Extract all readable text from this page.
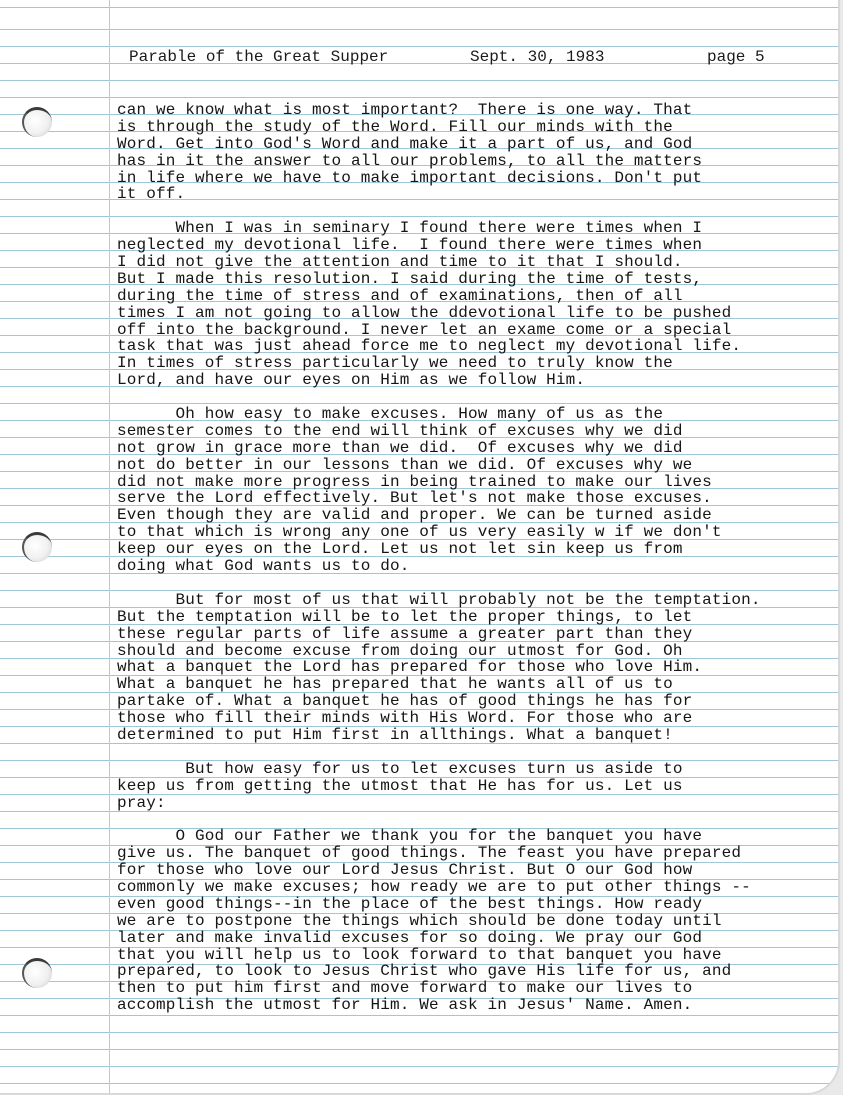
Parable of the Great Supper

	Sept. 30, 1983

	page 5

can we know what is most important?  There is one way. That
is through the study of the Word. Fill our minds with the
Word. Get into God's Word and make it a part of us, and God
has in it the answer to all our problems, to all the matters
in life where we have to make important decisions. Don't put
it off.
When I was in seminary I found there were times when I
neglected my devotional life.  I found there were times when
I did not give the attention and time to it that I should.
But I made this resolution. I said during the time of tests,
during the time of stress and of examinations, then of all
times I am not going to allow the ddevotional life to be pushed
off into the background. I never let an exame come or a special
task that was just ahead force me to neglect my devotional life.
In times of stress particularly we need to truly know the
Lord, and have our eyes on Him as we follow Him.
Oh how easy to make excuses. How many of us as the
semester comes to the end will think of excuses why we did
not grow in grace more than we did.  Of excuses why we did
not do better in our lessons than we did. Of excuses why we
did not make more progress in being trained to make our lives
serve the Lord effectively. But let's not make those excuses.
Even though they are valid and proper. We can be turned aside
to that which is wrong any one of us very easily w if we don't
keep our eyes on the Lord. Let us not let sin keep us from
doing what God wants us to do.
But for most of us that will probably not be the temptation.
But the temptation will be to let the proper things, to let
these regular parts of life assume a greater part than they
should and become excuse from doing our utmost for God. Oh
what a banquet the Lord has prepared for those who love Him.
What a banquet he has prepared that he wants all of us to
partake of. What a banquet he has of good things he has for
those who fill their minds with His Word. For those who are
determined to put Him first in allthings. What a banquet!
But how easy for us to let excuses turn us aside to
keep us from getting the utmost that He has for us. Let us
pray:
O God our Father we thank you for the banquet you have
give us. The banquet of good things. The feast you have prepared
for those who love our Lord Jesus Christ. But O our God how
commonly we make excuses; how ready we are to put other things --
even good things--in the place of the best things. How ready
we are to postpone the things which should be done today until
later and make invalid excuses for so doing. We pray our God
that you will help us to look forward to that banquet you have
prepared, to look to Jesus Christ who gave His life for us, and
then to put him first and move forward to make our lives to
accomplish the utmost for Him. We ask in Jesus' Name. Amen.
